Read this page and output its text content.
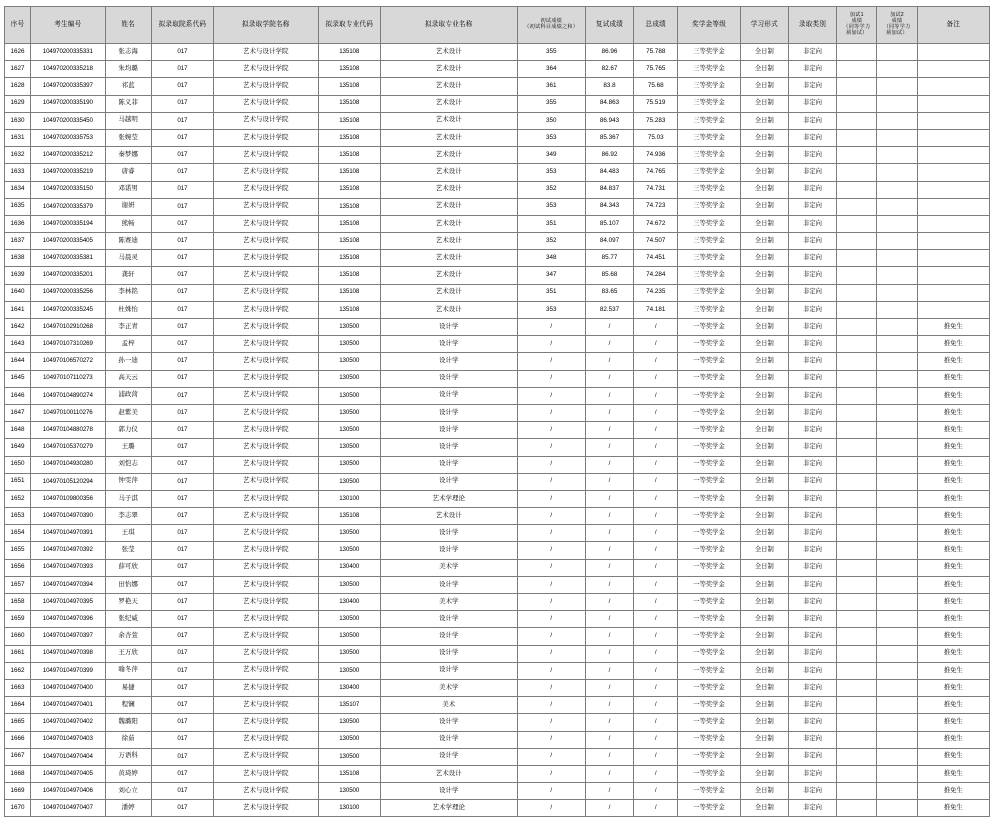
序号	考生编号	姓名	拟录取院系代码	拟录取学院名称	拟录取专业代码	拟录取专业名称	初试成绩
（初试科目成绩之和）	复试成绩	总成绩	奖学金等级	学习形式	录取类别	加试1
成绩
（同等学力
须加试）	加试2
成绩
（同等学力
须加试）	备注
1626	104970200335331	张志海	017	艺术与设计学院	135108	艺术设计	355	86.96	75.788	三等奖学金	全日制	非定向			
1627	104970200335218	朱均璐	017	艺术与设计学院	135108	艺术设计	364	82.67	75.765	三等奖学金	全日制	非定向			
1628	104970200335397	祁蓝	017	艺术与设计学院	135108	艺术设计	361	83.8	75.68	三等奖学金	全日制	非定向			
1629	104970200335190	陈义菲	017	艺术与设计学院	135108	艺术设计	355	84.863	75.519	三等奖学金	全日制	非定向			
1630	104970200335450	马越明	017	艺术与设计学院	135108	艺术设计	350	86.943	75.283	三等奖学金	全日制	非定向			
1631	104970200335753	张婉莹	017	艺术与设计学院	135108	艺术设计	353	85.367	75.03	三等奖学金	全日制	非定向			
1632	104970200335212	秦梦娜	017	艺术与设计学院	135108	艺术设计	349	86.92	74.936	三等奖学金	全日制	非定向			
1633	104970200335219	唐睿	017	艺术与设计学院	135108	艺术设计	353	84.483	74.765	三等奖学金	全日制	非定向			
1634	104970200335150	邓诺男	017	艺术与设计学院	135108	艺术设计	352	84.837	74.731	三等奖学金	全日制	非定向			
1635	104970200335379	谢妍	017	艺术与设计学院	135108	艺术设计	353	84.343	74.723	三等奖学金	全日制	非定向			
1636	104970200335194	熊畅	017	艺术与设计学院	135108	艺术设计	351	85.107	74.672	三等奖学金	全日制	非定向			
1637	104970200335405	陈赛迪	017	艺术与设计学院	135108	艺术设计	352	84.097	74.507	三等奖学金	全日制	非定向			
1638	104970200335381	马晨灵	017	艺术与设计学院	135108	艺术设计	348	85.77	74.451	三等奖学金	全日制	非定向			
1639	104970200335201	龚轩	017	艺术与设计学院	135108	艺术设计	347	85.68	74.284	三等奖学金	全日制	非定向			
1640	104970200335256	李林铭	017	艺术与设计学院	135108	艺术设计	351	83.65	74.235	三等奖学金	全日制	非定向			
1641	104970200335245	杜姝怡	017	艺术与设计学院	135108	艺术设计	353	82.537	74.181	三等奖学金	全日制	非定向			
1642	104970102910268	李正青	017	艺术与设计学院	130500	设计学	/	/	/	一等奖学金	全日制	非定向			推免生
1643	104970107310269	孟梓	017	艺术与设计学院	130500	设计学	/	/	/	一等奖学金	全日制	非定向			推免生
1644	104970106570272	孙一迪	017	艺术与设计学院	130500	设计学	/	/	/	一等奖学金	全日制	非定向			推免生
1645	104970107110273	高天云	017	艺术与设计学院	130500	设计学	/	/	/	一等奖学金	全日制	非定向			推免生
1646	104970104890274	浦政菏	017	艺术与设计学院	130500	设计学	/	/	/	一等奖学金	全日制	非定向			推免生
1647	104970100110276	赵紫美	017	艺术与设计学院	130500	设计学	/	/	/	一等奖学金	全日制	非定向			推免生
1648	104970104880278	郭力仪	017	艺术与设计学院	130500	设计学	/	/	/	一等奖学金	全日制	非定向			推免生
1649	104970105370279	王璐	017	艺术与设计学院	130500	设计学	/	/	/	一等奖学金	全日制	非定向			推免生
1650	104970104930280	刘恺志	017	艺术与设计学院	130500	设计学	/	/	/	一等奖学金	全日制	非定向			推免生
1651	104970105120294	钟雯萍	017	艺术与设计学院	130500	设计学	/	/	/	一等奖学金	全日制	非定向			推免生
1652	104970109800356	马子淇	017	艺术与设计学院	130100	艺术学理论	/	/	/	一等奖学金	全日制	非定向			推免生
1653	104970104970390	李志翠	017	艺术与设计学院	135108	艺术设计	/	/	/	一等奖学金	全日制	非定向			推免生
1654	104970104970391	王琪	017	艺术与设计学院	130500	设计学	/	/	/	一等奖学金	全日制	非定向			推免生
1655	104970104970392	张莹	017	艺术与设计学院	130500	设计学	/	/	/	一等奖学金	全日制	非定向			推免生
1656	104970104970393	薛可欣	017	艺术与设计学院	130400	美术学	/	/	/	一等奖学金	全日制	非定向			推免生
1657	104970104970394	田怡娜	017	艺术与设计学院	130500	设计学	/	/	/	一等奖学金	全日制	非定向			推免生
1658	104970104970395	罗艳天	017	艺术与设计学院	130400	美术学	/	/	/	一等奖学金	全日制	非定向			推免生
1659	104970104970396	张纪威	017	艺术与设计学院	130500	设计学	/	/	/	一等奖学金	全日制	非定向			推免生
1660	104970104970397	余杏萱	017	艺术与设计学院	130500	设计学	/	/	/	一等奖学金	全日制	非定向			推免生
1661	104970104970398	王万欣	017	艺术与设计学院	130500	设计学	/	/	/	一等奖学金	全日制	非定向			推免生
1662	104970104970399	喻冬萍	017	艺术与设计学院	130500	设计学	/	/	/	一等奖学金	全日制	非定向			推免生
1663	104970104970400	易捷	017	艺术与设计学院	130400	美术学	/	/	/	一等奖学金	全日制	非定向			推免生
1664	104970104970401	程镧	017	艺术与设计学院	135107	美术	/	/	/	一等奖学金	全日制	非定向			推免生
1665	104970104970402	魏璐阳	017	艺术与设计学院	130500	设计学	/	/	/	一等奖学金	全日制	非定向			推免生
1666	104970104970403	徐茹	017	艺术与设计学院	130500	设计学	/	/	/	一等奖学金	全日制	非定向			推免生
1667	104970104970404	万语科	017	艺术与设计学院	130500	设计学	/	/	/	一等奖学金	全日制	非定向			推免生
1668	104970104970405	黄琦婷	017	艺术与设计学院	135108	艺术设计	/	/	/	一等奖学金	全日制	非定向			推免生
1669	104970104970406	刘心立	017	艺术与设计学院	130500	设计学	/	/	/	一等奖学金	全日制	非定向			推免生
1670	104970104970407	潘婷	017	艺术与设计学院	130100	艺术学理论	/	/	/	一等奖学金	全日制	非定向			推免生
